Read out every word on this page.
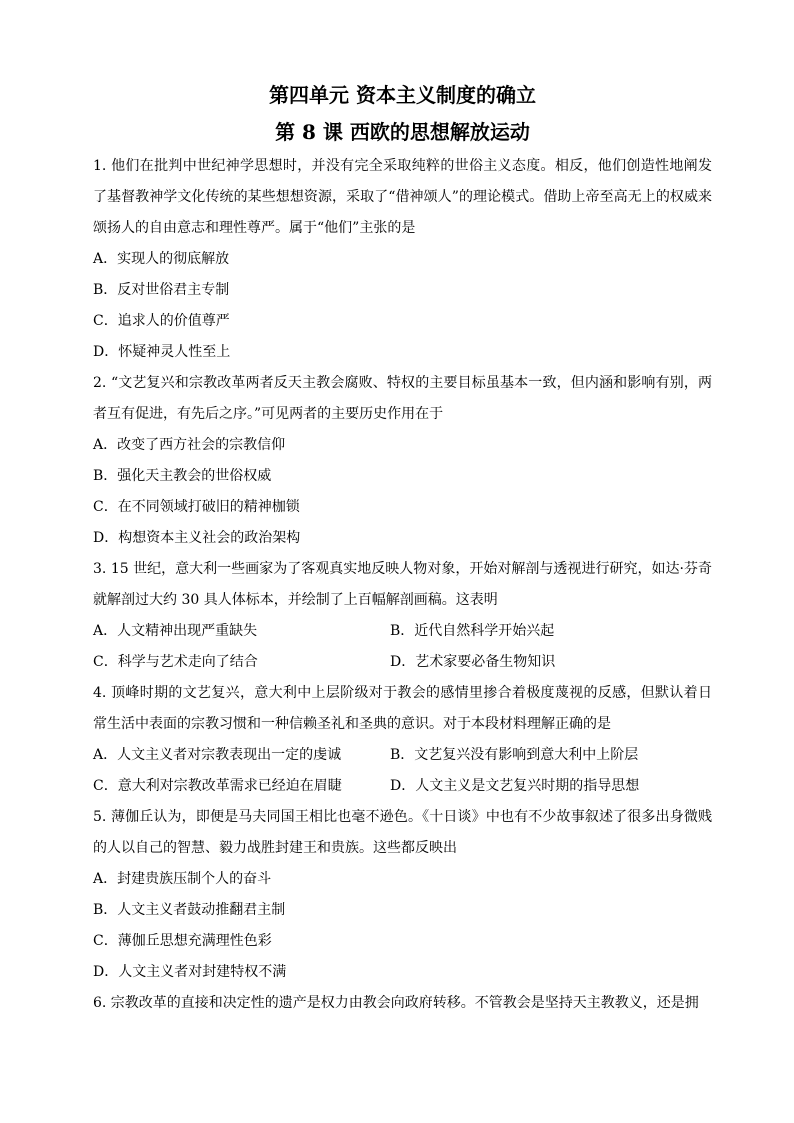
第四单元 资本主义制度的确立
第 8 课 西欧的思想解放运动

1. 他们在批判中世纪神学思想时，并没有完全采取纯粹的世俗主义态度。相反，他们创造性地阐发了基督教神学文化传统的某些想想资源，采取了“借神颂人”的理论模式。借助上帝至高无上的权威来颂扬人的自由意志和理性尊严。属于“他们”主张的是

A．实现人的彻底解放

B．反对世俗君主专制

C．追求人的价值尊严

D．怀疑神灵人性至上

2. “文艺复兴和宗教改革两者反天主教会腐败、特权的主要目标虽基本一致，但内涵和影响有别，两者互有促进，有先后之序。”可见两者的主要历史作用在于

A．改变了西方社会的宗教信仰

B．强化天主教会的世俗权威

C．在不同领域打破旧的精神枷锁

D．构想资本主义社会的政治架构

3. 15 世纪，意大利一些画家为了客观真实地反映人物对象，开始对解剖与透视进行研究，如达·芬奇就解剖过大约 30 具人体标本，并绘制了上百幅解剖画稿。这表明

A．人文精神出现严重缺失	B．近代自然科学开始兴起

C．科学与艺术走向了结合	D．艺术家要必备生物知识

4. 顶峰时期的文艺复兴，意大利中上层阶级对于教会的感情里掺合着极度蔑视的反感，但默认着日常生活中表面的宗教习惯和一种信赖圣礼和圣典的意识。对于本段材料理解正确的是

A．人文主义者对宗教表现出一定的虔诚	B．文艺复兴没有影响到意大利中上阶层

C．意大利对宗教改革需求已经迫在眉睫	D．人文主义是文艺复兴时期的指导思想

5. 薄伽丘认为，即便是马夫同国王相比也毫不逊色。《十日谈》中也有不少故事叙述了很多出身微贱的人以自己的智慧、毅力战胜封建王和贵族。这些都反映出

A．封建贵族压制个人的奋斗

B．人文主义者鼓动推翻君主制

C．薄伽丘思想充满理性色彩

D．人文主义者对封建特权不满

6. 宗教改革的直接和决定性的遗产是权力由教会向政府转移。不管教会是坚持天主教教义，还是拥
